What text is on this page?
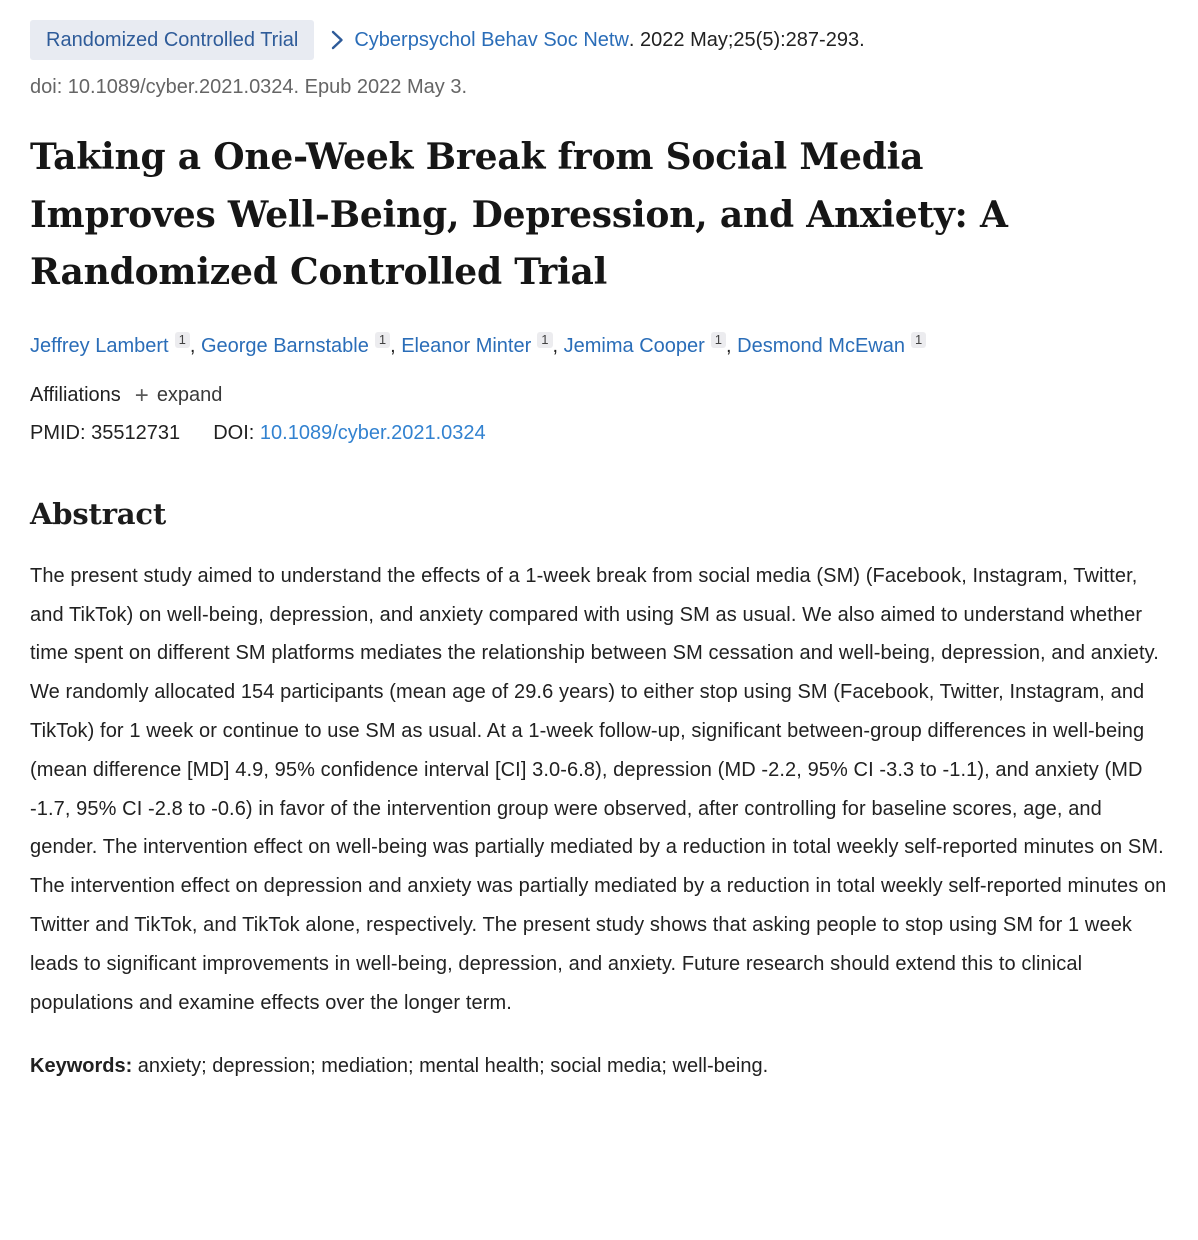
Randomized Controlled Trial	Cyberpsychol Behav Soc Netw . 2022 May;25(5):287-293.
doi: 10.1089/cyber.2021.0324. Epub 2022 May 3.
Taking a One-Week Break from Social Media Improves Well-Being, Depression, and Anxiety: A Randomized Controlled Trial
Jeffrey Lambert $^1$ , George Barnstable $^1$ , Eleanor Minter $^1$ , Jemima Cooper $^1$ , Desmond McEwan $^1$
Affiliations + expand
PMID: 35512731 DOI: 10.1089/cyber.2021.0324
Abstract

The present study aimed to understand the effects of a 1-week break from social media (SM) (Facebook, Instagram, Twitter, and TikTok) on well-being, depression, and anxiety compared with using SM as usual. We also aimed to understand whether time spent on different SM platforms mediates the relationship between SM cessation and well-being, depression, and anxiety. We randomly allocated 154 participants (mean age of 29.6 years) to either stop using SM (Facebook, Twitter, Instagram, and TikTok) for 1 week or continue to use SM as usual. At a 1-week follow-up, significant between-group differences in well-being (mean difference [MD] 4.9, 95% confidence interval [CI] 3.0-6.8), depression (MD -2.2, 95% CI -3.3 to -1.1), and anxiety (MD -1.7, 95% CI -2.8 to -0.6) in favor of the intervention group were observed, after controlling for baseline scores, age, and gender. The intervention effect on well-being was partially mediated by a reduction in total weekly self-reported minutes on SM. The intervention effect on depression and anxiety was partially mediated by a reduction in total weekly self-reported minutes on Twitter and TikTok, and TikTok alone, respectively. The present study shows that asking people to stop using SM for 1 week leads to significant improvements in well-being, depression, and anxiety. Future research should extend this to clinical populations and examine effects over the longer term.

Keywords: anxiety; depression; mediation; mental health; social media; well-being.
